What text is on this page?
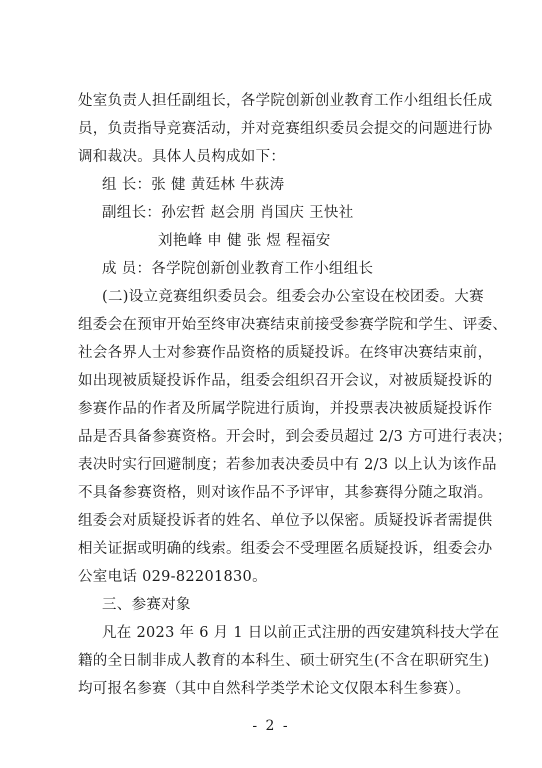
处室负责人担任副组长，各学院创新创业教育工作小组组长任成
员，负责指导竞赛活动，并对竞赛组织委员会提交的问题进行协
调和裁决。具体人员构成如下：
组 长：张 健 黄廷林 牛荻涛
副组长：孙宏哲 赵会朋 肖国庆 王快社
刘艳峰 申 健 张 煜 程福安
成 员：各学院创新创业教育工作小组组长
(二)设立竞赛组织委员会。组委会办公室设在校团委。大赛
组委会在预审开始至终审决赛结束前接受参赛学院和学生、评委、
社会各界人士对参赛作品资格的质疑投诉。在终审决赛结束前，
如出现被质疑投诉作品，组委会组织召开会议，对被质疑投诉的
参赛作品的作者及所属学院进行质询，并投票表决被质疑投诉作
品是否具备参赛资格。开会时，到会委员超过 2/3 方可进行表决；
表决时实行回避制度；若参加表决委员中有 2/3 以上认为该作品
不具备参赛资格，则对该作品不予评审，其参赛得分随之取消。
组委会对质疑投诉者的姓名、单位予以保密。质疑投诉者需提供
相关证据或明确的线索。组委会不受理匿名质疑投诉，组委会办
公室电话 029-82201830。
三、参赛对象
凡在 2023 年 6 月 1 日以前正式注册的西安建筑科技大学在
籍的全日制非成人教育的本科生、硕士研究生(不含在职研究生)
均可报名参赛（其中自然科学类学术论文仅限本科生参赛）。
- 2 -
